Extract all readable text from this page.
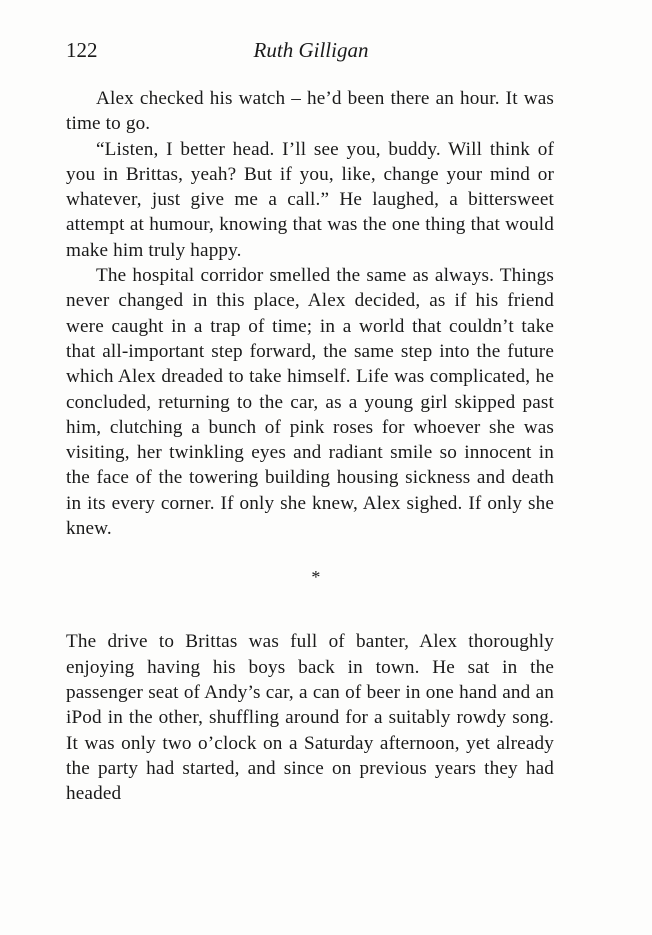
122	Ruth Gilligan

Alex checked his watch – he’d been there an hour. It was time to go.

“Listen, I better head. I’ll see you, buddy. Will think of you in Brittas, yeah? But if you, like, change your mind or whatever, just give me a call.” He laughed, a bittersweet attempt at humour, knowing that was the one thing that would make him truly happy.

The hospital corridor smelled the same as always. Things never changed in this place, Alex decided, as if his friend were caught in a trap of time; in a world that couldn’t take that all-important step forward, the same step into the future which Alex dreaded to take himself. Life was complicated, he concluded, returning to the car, as a young girl skipped past him, clutching a bunch of pink roses for whoever she was visiting, her twinkling eyes and radiant smile so innocent in the face of the towering building housing sickness and death in its every corner. If only she knew, Alex sighed. If only she knew.

*

The drive to Brittas was full of banter, Alex thoroughly enjoying having his boys back in town. He sat in the passenger seat of Andy’s car, a can of beer in one hand and an iPod in the other, shuffling around for a suitably rowdy song. It was only two o’clock on a Saturday afternoon, yet already the party had started, and since on previous years they had headed
